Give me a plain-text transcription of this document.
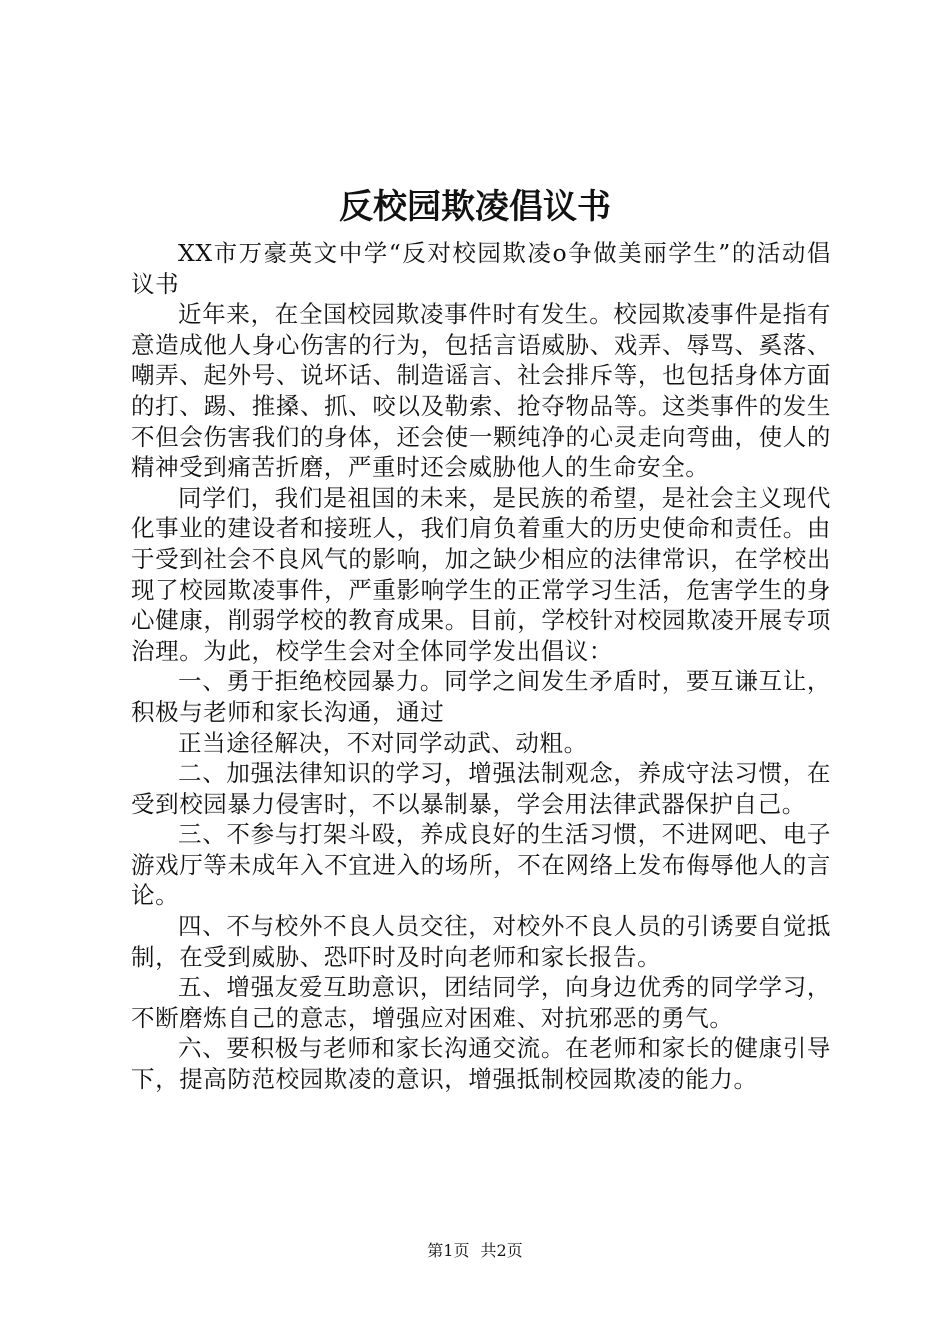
反校园欺凌倡议书

XX市万豪英文中学“反对校园欺凌o争做美丽学生”的活动倡议书

近年来，在全国校园欺凌事件时有发生。校园欺凌事件是指有意造成他人身心伤害的行为，包括言语威胁、戏弄、辱骂、奚落、嘲弄、起外号、说坏话、制造谣言、社会排斥等，也包括身体方面的打、踢、推搡、抓、咬以及勒索、抢夺物品等。这类事件的发生不但会伤害我们的身体，还会使一颗纯净的心灵走向弯曲，使人的精神受到痛苦折磨，严重时还会威胁他人的生命安全。

同学们，我们是祖国的未来，是民族的希望，是社会主义现代化事业的建设者和接班人，我们肩负着重大的历史使命和责任。由于受到社会不良风气的影响，加之缺少相应的法律常识，在学校出现了校园欺凌事件，严重影响学生的正常学习生活，危害学生的身心健康，削弱学校的教育成果。目前，学校针对校园欺凌开展专项治理。为此，校学生会对全体同学发出倡议：

一、勇于拒绝校园暴力。同学之间发生矛盾时，要互谦互让，积极与老师和家长沟通，通过

正当途径解决，不对同学动武、动粗。

二、加强法律知识的学习，增强法制观念，养成守法习惯，在受到校园暴力侵害时，不以暴制暴，学会用法律武器保护自己。

三、不参与打架斗殴，养成良好的生活习惯，不进网吧、电子游戏厅等未成年入不宜进入的场所，不在网络上发布侮辱他人的言论。

四、不与校外不良人员交往，对校外不良人员的引诱要自觉抵制，在受到威胁、恐吓时及时向老师和家长报告。

五、增强友爱互助意识，团结同学，向身边优秀的同学学习，不断磨炼自己的意志，增强应对困难、对抗邪恶的勇气。

六、要积极与老师和家长沟通交流。在老师和家长的健康引导下，提高防范校园欺凌的意识，增强抵制校园欺凌的能力。

第1页 共2页
